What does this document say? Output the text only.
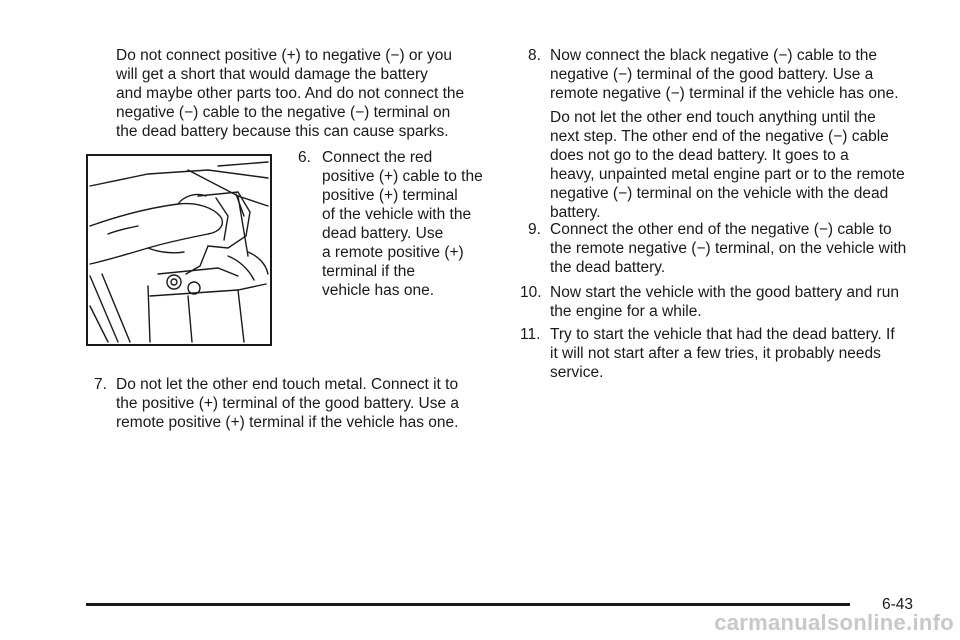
Do not connect positive (+) to negative (−) or you
will get a short that would damage the battery
and maybe other parts too. And do not connect the
negative (−) cable to the negative (−) terminal on
the dead battery because this can cause sparks.
6. Connect the red
positive (+) cable to the
positive (+) terminal
of the vehicle with the
dead battery. Use
a remote positive (+)
terminal if the
vehicle has one.
7. Do not let the other end touch metal. Connect it to
the positive (+) terminal of the good battery. Use a
remote positive (+) terminal if the vehicle has one.
8. Now connect the black negative (−) cable to the
negative (−) terminal of the good battery. Use a
remote negative (−) terminal if the vehicle has one.
Do not let the other end touch anything until the
next step. The other end of the negative (−) cable
does not go to the dead battery. It goes to a
heavy, unpainted metal engine part or to the remote
negative (−) terminal on the vehicle with the dead
battery.
9. Connect the other end of the negative (−) cable to
the remote negative (−) terminal, on the vehicle with
the dead battery.
10. Now start the vehicle with the good battery and run
the engine for a while.
11. Try to start the vehicle that had the dead battery. If
it will not start after a few tries, it probably needs
service.
6-43
carmanualsonline.info
